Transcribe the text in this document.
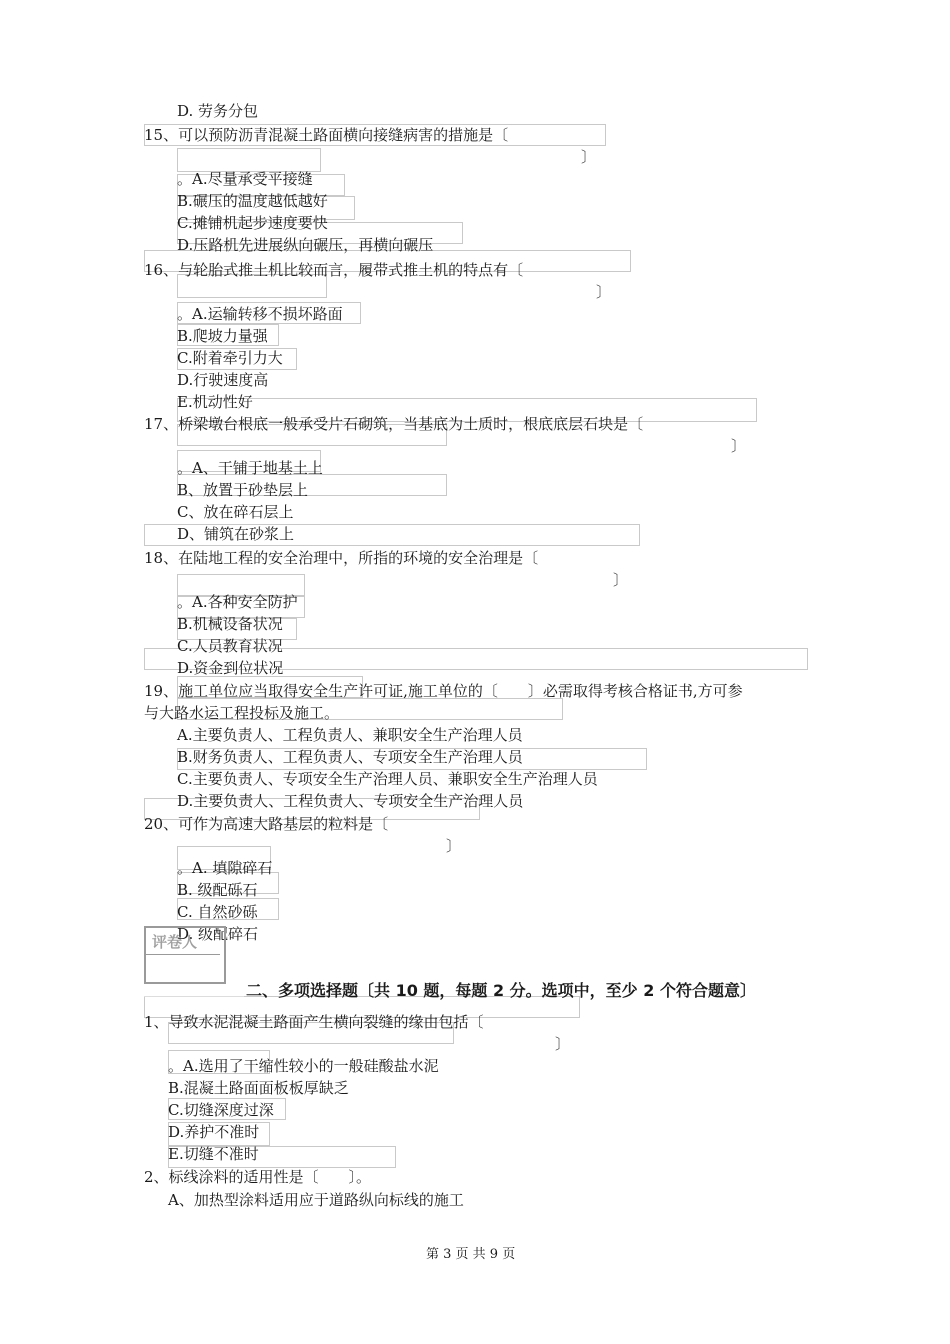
D. 劳务分包
15、可以预防沥青混凝土路面横向接缝病害的措施是〔
〕
。A.尽量承受平接缝
B.碾压的温度越低越好
C.摊铺机起步速度要快
D.压路机先进展纵向碾压，再横向碾压
16、与轮胎式推土机比较而言，履带式推土机的特点有〔
〕
。A.运输转移不损坏路面
B.爬坡力量强
C.附着牵引力大
D.行驶速度高
E.机动性好
17、桥梁墩台根底一般承受片石砌筑，当基底为土质时，根底底层石块是〔
〕
。A、干铺于地基土上
B、放置于砂垫层上
C、放在碎石层上
D、铺筑在砂浆上
18、在陆地工程的安全治理中，所指的环境的安全治理是〔
〕
。A.各种安全防护
B.机械设备状况
C.人员教育状况
D.资金到位状况
19、施工单位应当取得安全生产许可证,施工单位的〔　　〕必需取得考核合格证书,方可参
与大路水运工程投标及施工。
A.主要负责人、工程负责人、兼职安全生产治理人员
B.财务负责人、工程负责人、专项安全生产治理人员
C.主要负责人、专项安全生产治理人员、兼职安全生产治理人员
D.主要负责人、工程负责人、专项安全生产治理人员
20、可作为高速大路基层的粒料是〔
〕
。A. 填隙碎石
B. 级配砾石
C. 自然砂砾
D. 级配碎石
评卷人
二、多项选择题〔共 10 题，每题 2 分。选项中，至少 2 个符合题意〕
1、导致水泥混凝土路面产生横向裂缝的缘由包括〔
〕
。A.选用了干缩性较小的一般硅酸盐水泥
B.混凝土路面面板板厚缺乏
C.切缝深度过深
D.养护不准时
E.切缝不准时
2、标线涂料的适用性是〔　　〕。
A、加热型涂料适用应于道路纵向标线的施工
第 3 页 共 9 页
